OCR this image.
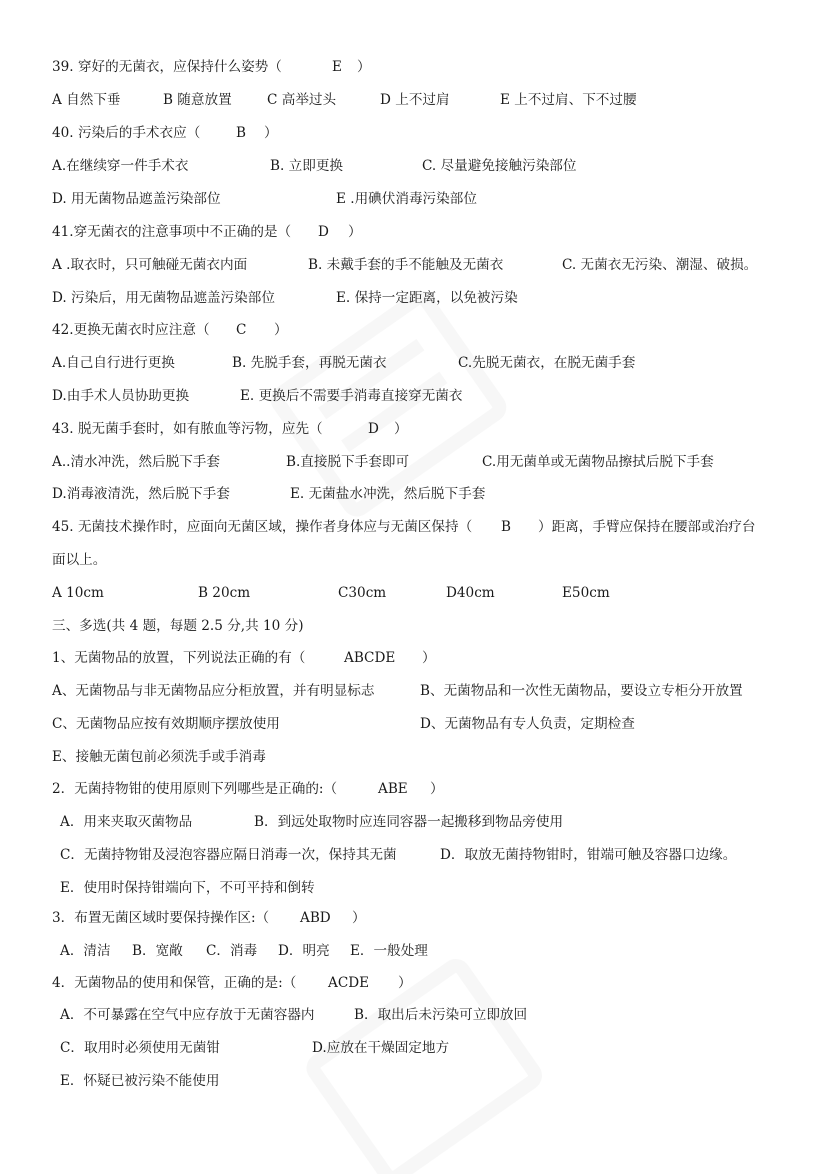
39. 穿好的无菌衣，应保持什么姿势（	E ）
A 自然下垂	B 随意放置	C 高举过头	D 上不过肩	E 上不过肩、下不过腰
40. 污染后的手术衣应（	B ）
A.在继续穿一件手术衣	B. 立即更换	C. 尽量避免接触污染部位
D. 用无菌物品遮盖污染部位	E .用碘伏消毒污染部位
41.穿无菌衣的注意事项中不正确的是（ D ）
A .取衣时，只可触碰无菌衣内面	B. 未戴手套的手不能触及无菌衣	C. 无菌衣无污染、潮湿、破损。
D. 污染后，用无菌物品遮盖污染部位	E. 保持一定距离，以免被污染
42.更换无菌衣时应注意（ C ）
A.自己自行进行更换	B. 先脱手套，再脱无菌衣	C.先脱无菌衣，在脱无菌手套
D.由手术人员协助更换	E. 更换后不需要手消毒直接穿无菌衣
43. 脱无菌手套时，如有脓血等污物，应先（	D ）
A..清水冲洗，然后脱下手套	B.直接脱下手套即可	C.用无菌单或无菌物品擦拭后脱下手套
D.消毒液清洗，然后脱下手套	E. 无菌盐水冲洗，然后脱下手套
45. 无菌技术操作时，应面向无菌区域，操作者身体应与无菌区保持（ B ）距离，手臂应保持在腰部或治疗台
面以上。
A 10cm	B 20cm	C30cm	D40cm	E50cm
三、多选(共 4 题，每题 2.5 分,共 10 分)
1、无菌物品的放置，下列说法正确的有（	ABCDE ）
A、无菌物品与非无菌物品应分柜放置，并有明显标志	B、无菌物品和一次性无菌物品，要设立专柜分开放置
C、无菌物品应按有效期顺序摆放使用	D、无菌物品有专人负责，定期检查
E、接触无菌包前必须洗手或手消毒
2．无菌持物钳的使用原则下列哪些是正确的:（	ABE ）
A．用来夹取灭菌物品	B．到远处取物时应连同容器一起搬移到物品旁使用
C．无菌持物钳及浸泡容器应隔日消毒一次，保持其无菌	D．取放无菌持物钳时，钳端可触及容器口边缘。
E．使用时保持钳端向下，不可平持和倒转
3．布置无菌区域时要保持操作区:（ ABD ）
A．清洁 B．宽敞 C．消毒 D．明亮 E．一般处理
4．无菌物品的使用和保管，正确的是:（ ACDE ）
A．不可暴露在空气中应存放于无菌容器内	B．取出后未污染可立即放回
C．取用时必须使用无菌钳	D.应放在干燥固定地方
E．怀疑已被污染不能使用
